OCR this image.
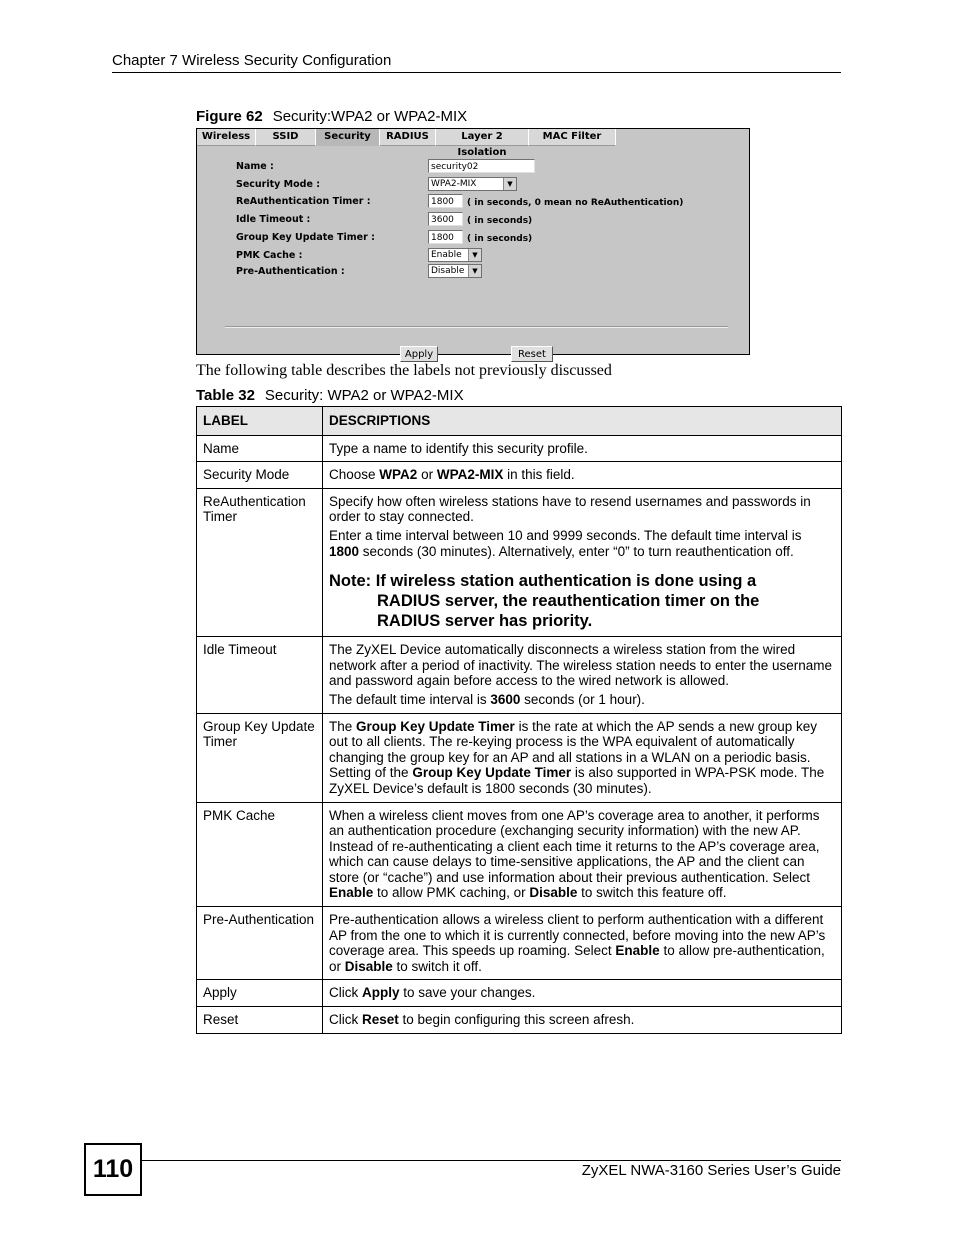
Chapter 7 Wireless Security Configuration
Figure 62 Security:WPA2 or WPA2-MIX
Wireless	SSID	Security	RADIUS	Layer 2 Isolation
MAC Filter
Name :	security02
Security Mode :	WPA2-MIX	▼
ReAuthentication Timer :	1800	( in seconds, 0 mean no ReAuthentication)
Idle Timeout :	3600	( in seconds)
Group Key Update Timer :	1800	( in seconds)
PMK Cache :	Enable	▼
Pre-Authentication :	Disable	▼
Apply	Reset
The following table describes the labels not previously discussed
Table 32 Security: WPA2 or WPA2-MIX
LABEL	DESCRIPTIONS
Name	Type a name to identify this security profile.
Security Mode	Choose WPA2 or WPA2-MIX in this field.
ReAuthentication Timer	Specify how often wireless stations have to resend usernames and passwords in order to stay connected.

Enter a time interval between 10 and 9999 seconds. The default time interval is 1800 seconds (30 minutes). Alternatively, enter “0” to turn reauthentication off.

Note: If wireless station authentication is done using a
RADIUS server, the reauthentication timer on the
RADIUS server has priority.

Idle Timeout	The ZyXEL Device automatically disconnects a wireless station from the wired network after a period of inactivity. The wireless station needs to enter the username and password again before access to the wired network is allowed.

The default time interval is 3600 seconds (or 1 hour).

Group Key Update Timer	The Group Key Update Timer is the rate at which the AP sends a new group key out to all clients. The re-keying process is the WPA equivalent of automatically changing the group key for an AP and all stations in a WLAN on a periodic basis. Setting of the Group Key Update Timer is also supported in WPA-PSK mode. The ZyXEL Device’s default is 1800 seconds (30 minutes).
PMK Cache	When a wireless client moves from one AP’s coverage area to another, it performs an authentication procedure (exchanging security information) with the new AP. Instead of re-authenticating a client each time it returns to the AP’s coverage area, which can cause delays to time-sensitive applications, the AP and the client can store (or “cache”) and use information about their previous authentication. Select Enable to allow PMK caching, or Disable to switch this feature off.
Pre-Authentication	Pre-authentication allows a wireless client to perform authentication with a different AP from the one to which it is currently connected, before moving into the new AP’s coverage area. This speeds up roaming. Select Enable to allow pre-authentication, or Disable to switch it off.
Apply	Click Apply to save your changes.
Reset	Click Reset to begin configuring this screen afresh.
110	ZyXEL NWA-3160 Series User’s Guide
